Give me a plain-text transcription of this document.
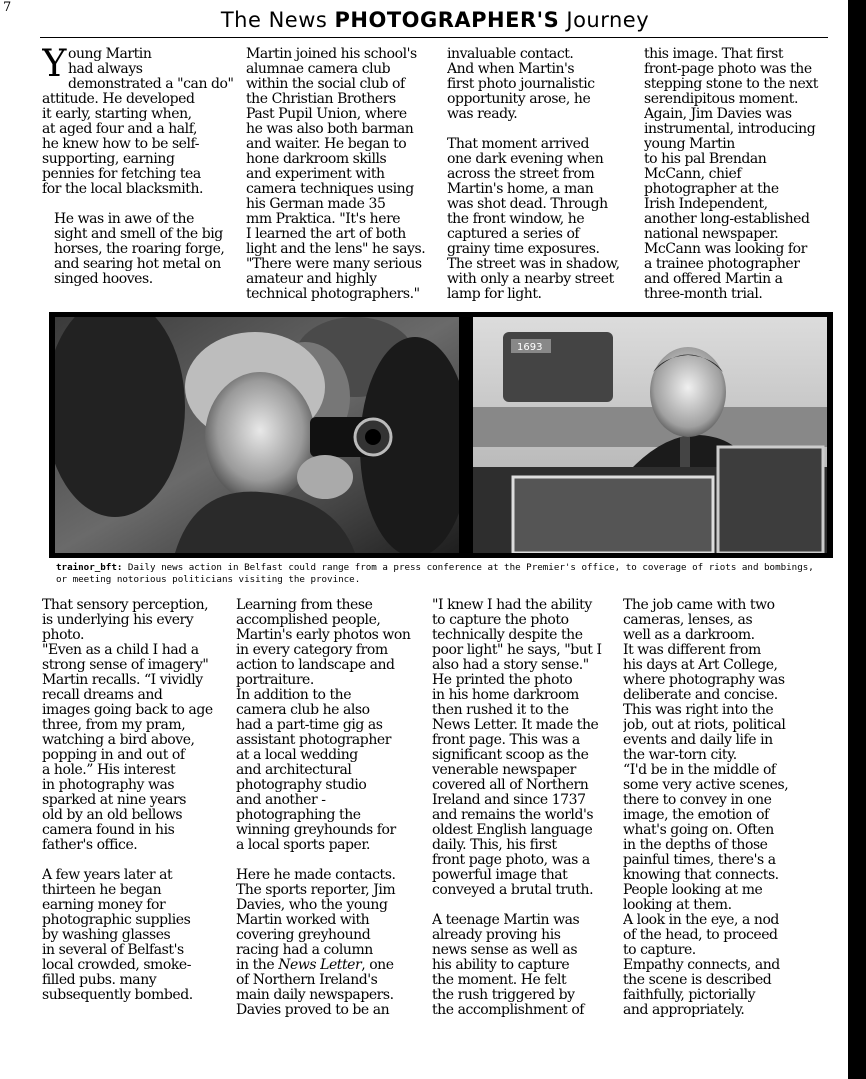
7
The News PHOTOGRAPHER'S Journey
Young Martin
had always
demonstrated a "can do"
attitude. He developed
it early, starting when,
at aged four and a half,
he knew how to be self-
supporting, earning
pennies for fetching tea
for the local blacksmith.
He was in awe of the
sight and smell of the big
horses, the roaring forge,
and searing hot metal on
singed hooves.
Martin joined his school's
alumnae camera club
within the social club of
the Christian Brothers
Past Pupil Union, where
he was also both barman
and waiter. He began to
hone darkroom skills
and experiment with
camera techniques using
his German made 35
mm Praktica. "It's here
I learned the art of both
light and the lens" he says.
"There were many serious
amateur and highly
technical photographers."
invaluable contact.
And when Martin's
first photo journalistic
opportunity arose, he
was ready.
That moment arrived
one dark evening when
across the street from
Martin's home, a man
was shot dead. Through
the front window, he
captured a series of
grainy time exposures.
The street was in shadow,
with only a nearby street
lamp for light.
this image. That first
front-page photo was the
stepping stone to the next
serendipitous moment.
Again, Jim Davies was
instrumental, introducing
young Martin
to his pal Brendan
McCann, chief
photographer at the
Irish Independent,
another long-established
national newspaper.
McCann was looking for
a trainee photographer
and offered Martin a
three-month trial.
1693
trainor_bft: Daily news action in Belfast could range from a press conference at the Premier's office, to coverage of riots and bombings, or meeting notorious politicians visiting the province.
That sensory perception,
is underlying his every
photo.
"Even as a child I had a
strong sense of imagery"
Martin recalls. “I vividly
recall dreams and
images going back to age
three, from my pram,
watching a bird above,
popping in and out of
a hole.” His interest
in photography was
sparked at nine years
old by an old bellows
camera found in his
father's office.
A few years later at
thirteen he began
earning money for
photographic supplies
by washing glasses
in several of Belfast's
local crowded, smoke-
filled pubs. many
subsequently bombed.
Learning from these
accomplished people,
Martin's early photos won
in every category from
action to landscape and
portraiture.
In addition to the
camera club he also
had a part-time gig as
assistant photographer
at a local wedding
and architectural
photography studio
and another -
photographing the
winning greyhounds for
a local sports paper.
Here he made contacts.
The sports reporter, Jim
Davies, who the young
Martin worked with
covering greyhound
racing had a column
in the News Letter, one
of Northern Ireland's
main daily newspapers.
Davies proved to be an
"I knew I had the ability
to capture the photo
technically despite the
poor light" he says, "but I
also had a story sense."
He printed the photo
in his home darkroom
then rushed it to the
News Letter. It made the
front page. This was a
significant scoop as the
venerable newspaper
covered all of Northern
Ireland and since 1737
and remains the world's
oldest English language
daily. This, his first
front page photo, was a
powerful image that
conveyed a brutal truth.
A teenage Martin was
already proving his
news sense as well as
his ability to capture
the moment. He felt
the rush triggered by
the accomplishment of
The job came with two
cameras, lenses, as
well as a darkroom.
It was different from
his days at Art College,
where photography was
deliberate and concise.
This was right into the
job, out at riots, political
events and daily life in
the war-torn city.
“I'd be in the middle of
some very active scenes,
there to convey in one
image, the emotion of
what's going on. Often
in the depths of those
painful times, there's a
knowing that connects.
People looking at me
looking at them.
A look in the eye, a nod
of the head, to proceed
to capture.
Empathy connects, and
the scene is described
faithfully, pictorially
and appropriately.
